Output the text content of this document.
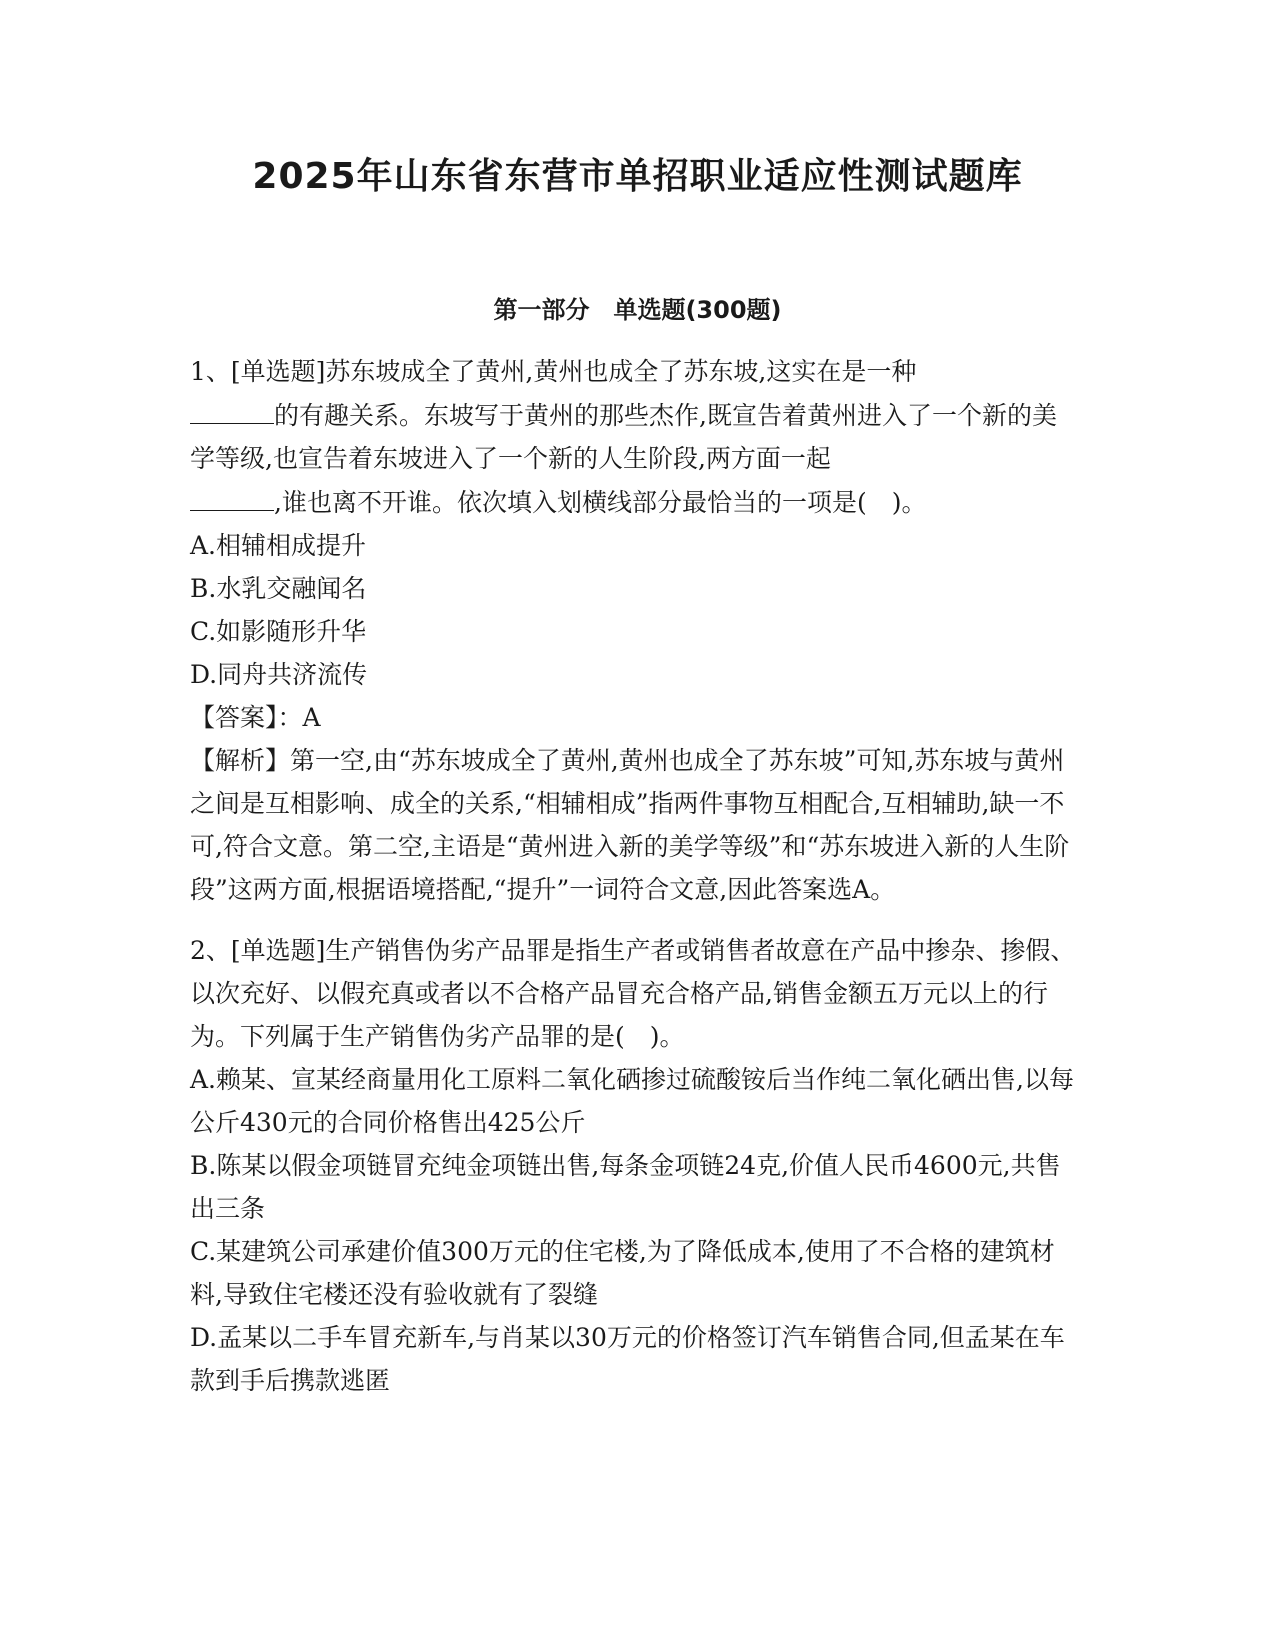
2025年山东省东营市单招职业适应性测试题库
第一部分　单选题(300题)

1、[单选题]苏东坡成全了黄州,黄州也成全了苏东坡,这实在是一种
的有趣关系。东坡写于黄州的那些杰作,既宣告着黄州进入了一个新的美学等级,也宣告着东坡进入了一个新的人生阶段,两方面一起
,谁也离不开谁。依次填入划横线部分最恰当的一项是(　)。

A.相辅相成提升

B.水乳交融闻名

C.如影随形升华

D.同舟共济流传

【答案】：A

【解析】第一空,由“苏东坡成全了黄州,黄州也成全了苏东坡”可知,苏东坡与黄州之间是互相影响、成全的关系,“相辅相成”指两件事物互相配合,互相辅助,缺一不可,符合文意。第二空,主语是“黄州进入新的美学等级”和“苏东坡进入新的人生阶段”这两方面,根据语境搭配,“提升”一词符合文意,因此答案选A。

2、[单选题]生产销售伪劣产品罪是指生产者或销售者故意在产品中掺杂、掺假、以次充好、以假充真或者以不合格产品冒充合格产品,销售金额五万元以上的行为。下列属于生产销售伪劣产品罪的是(　)。

A.赖某、宣某经商量用化工原料二氧化硒掺过硫酸铵后当作纯二氧化硒出售,以每公斤430元的合同价格售出425公斤

B.陈某以假金项链冒充纯金项链出售,每条金项链24克,价值人民币4600元,共售出三条

C.某建筑公司承建价值300万元的住宅楼,为了降低成本,使用了不合格的建筑材料,导致住宅楼还没有验收就有了裂缝

D.孟某以二手车冒充新车,与肖某以30万元的价格签订汽车销售合同,但孟某在车款到手后携款逃匿
